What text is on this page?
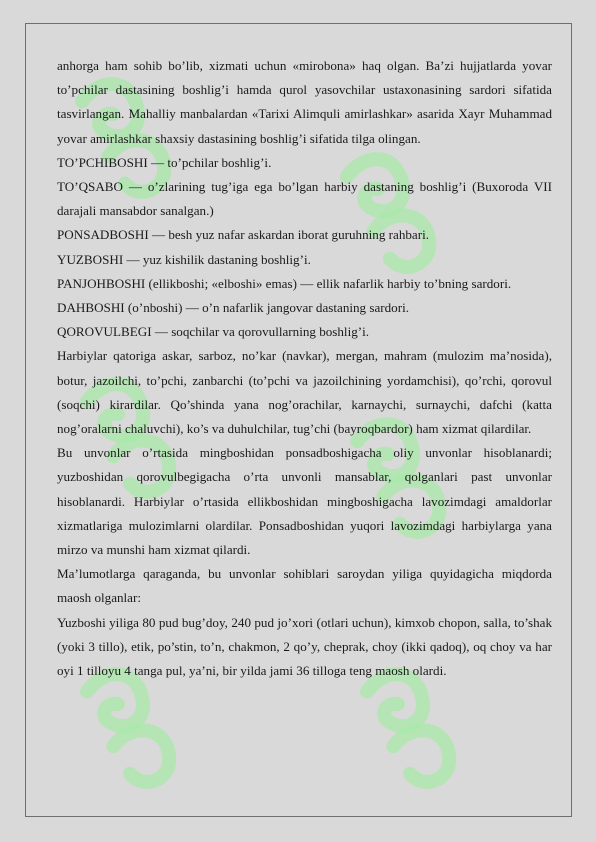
anhorga ham sohib bo’lib, xizmati uchun «mirobona» haq olgan. Ba’zi hujjatlarda yovar to’pchilar dastasining boshlig’i hamda qurol yasovchilar ustaxonasining sardori sifatida tasvirlangan. Mahalliy manbalardan «Tarixi Alimquli amirlashkar» asarida Xayr Muhammad yovar amirlashkar shaxsiy dastasining boshlig’i sifatida tilga olingan.

TO’PCHIBOSHI — to’pchilar boshlig’i.

TO’QSABO — o’zlarining tug’iga ega bo’lgan harbiy dastaning boshlig’i (Buxoroda VII darajali mansabdor sanalgan.)

PONSADBOSHI — besh yuz nafar askardan iborat guruhning rahbari.

YUZBOSHI — yuz kishilik dastaning boshlig’i.

PANJOHBOSHI (ellikboshi; «elboshi» emas) — ellik nafarlik harbiy to’bning sardori.

DAHBOSHI (o’nboshi) — o’n nafarlik jangovar dastaning sardori.

QOROVULBEGI — soqchilar va qorovullarning boshlig’i.

Harbiylar qatoriga askar, sarboz, no’kar (navkar), mergan, mahram (mulozim ma’nosida), botur, jazoilchi, to’pchi, zanbarchi (to’pchi va jazoilchining yordamchisi), qo’rchi, qorovul (soqchi) kirardilar. Qo’shinda yana nog’orachilar, karnaychi, surnaychi, dafchi (katta nog’oralarni chaluvchi), ko’s va duhulchilar, tug’chi (bayroqbardor) ham xizmat qilardilar.

Bu unvonlar o’rtasida mingboshidan ponsadboshigacha oliy unvonlar hisoblanardi; yuzboshidan qorovulbegigacha o’rta unvonli mansablar, qolganlari past unvonlar hisoblanardi. Harbiylar o’rtasida ellikboshidan mingboshigacha lavozimdagi amaldorlar xizmatlariga mulozimlarni olardilar. Ponsadboshidan yuqori lavozimdagi harbiylarga yana mirzo va munshi ham xizmat qilardi.

Ma’lumotlarga qaraganda, bu unvonlar sohiblari saroydan yiliga quyidagicha miqdorda maosh olganlar:

Yuzboshi yiliga 80 pud bug’doy, 240 pud jo’xori (otlari uchun), kimxob chopon, salla, to’shak (yoki 3 tillo), etik, po’stin, to’n, chakmon, 2 qo’y, cheprak, choy (ikki qadoq), oq choy va har oyi 1 tilloyu 4 tanga pul, ya’ni, bir yilda jami 36 tilloga teng maosh olardi.
